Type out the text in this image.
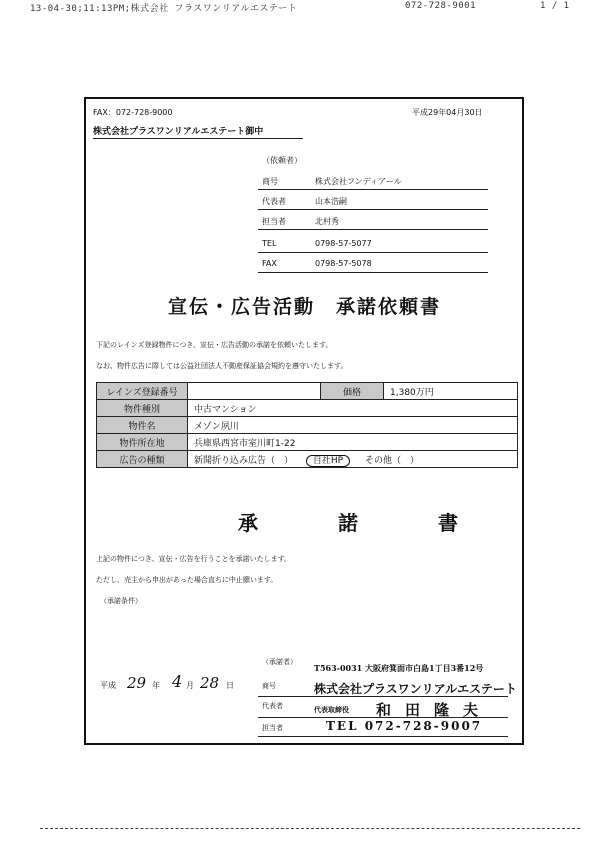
13-04-30;11:13PM;株式会社 フラスワンリアルエステート	072-728-9001	1 / 1
FAX：072-728-9000	平成29年04月30日
株式会社プラスワンリアルエステート御中
（依頼者）
商号	株式会社フンディアール
代表者	山本浩嗣
担当者	北村秀
TEL	0798-57-5077
FAX	0798-57-5078
宣伝・広告活動　承諾依頼書
下記のレインズ登録物件につき、宣伝・広告活動の承諾を依頼いたします。
なお、物件広告に際しては公益社団法人不動産保証協会規約を遵守いたします。
レインズ登録番号		価格	1,380万円
物件種別	中古マンション		
物件名	メゾン夙川		
物件所在地	兵庫県西宮市室川町1-22		
広告の種類	新聞折り込み広告（　） 自社HP その他（　）		
承　諾　書
上記の物件につき、宣伝・広告を行うことを承諾いたします。
ただし、売主から申出があった場合直ちに中止願います。
（承諾条件）
平成 29 年 4 月 28 日
（承諾者）
T563-0031 大阪府箕面市白島1丁目3番12号
商号	株式会社プラスワンリアルエステート
代表者	代表取締役 和田隆夫
担当者	TEL 072-728-9007
